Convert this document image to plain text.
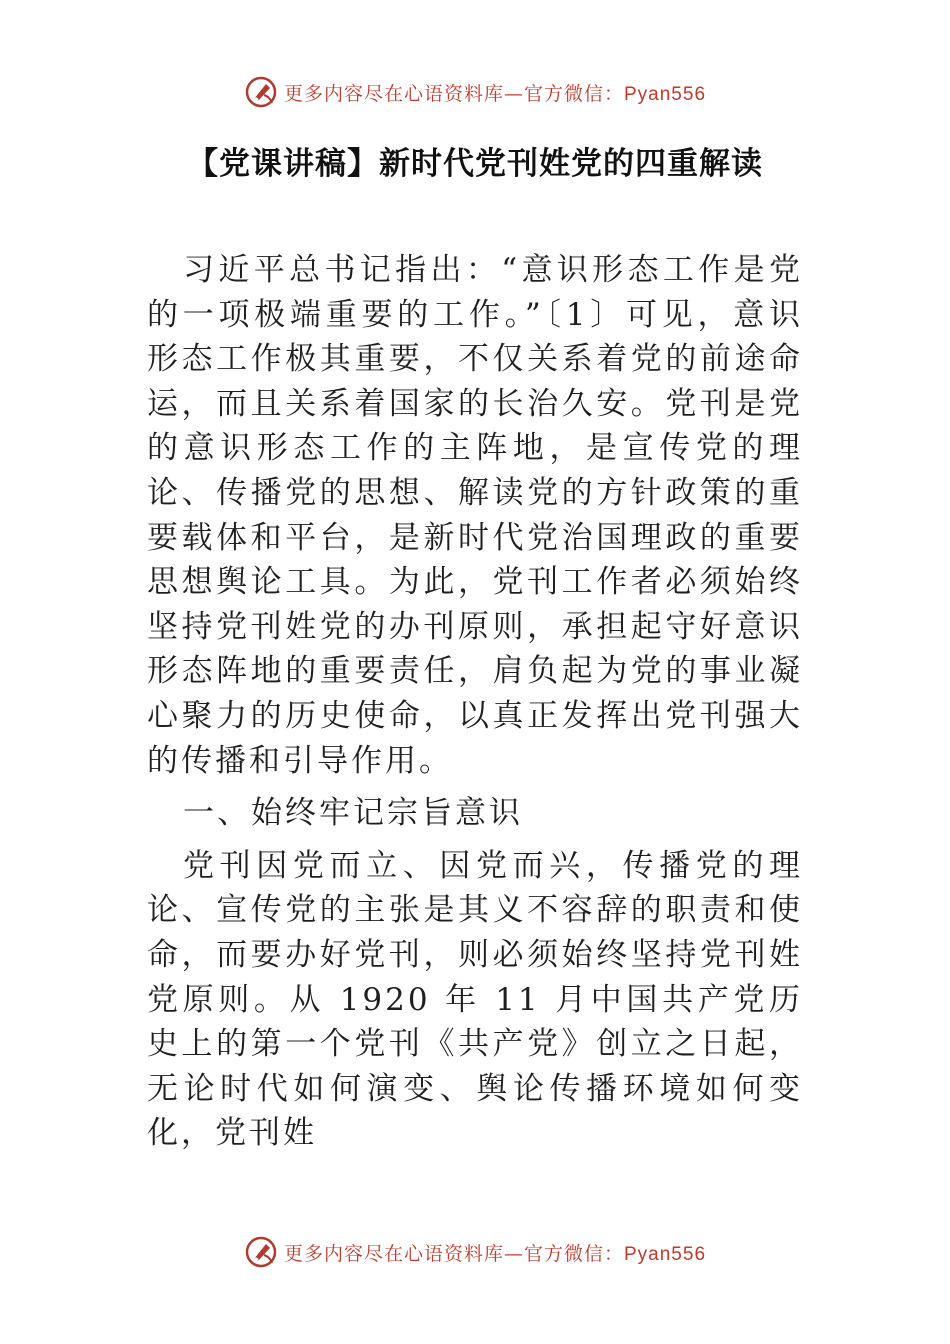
更多内容尽在心语资料库—官方微信：Pyan556
【党课讲稿】新时代党刊姓党的四重解读

习近平总书记指出：“意识形态工作是党的一项极端重要的工作。”〔1〕可见，意识形态工作极其重要，不仅关系着党的前途命运，而且关系着国家的长治久安。党刊是党的意识形态工作的主阵地，是宣传党的理论、传播党的思想、解读党的方针政策的重要载体和平台，是新时代党治国理政的重要思想舆论工具。为此，党刊工作者必须始终坚持党刊姓党的办刊原则，承担起守好意识形态阵地的重要责任，肩负起为党的事业凝心聚力的历史使命，以真正发挥出党刊强大的传播和引导作用。

一、始终牢记宗旨意识

党刊因党而立、因党而兴，传播党的理论、宣传党的主张是其义不容辞的职责和使命，而要办好党刊，则必须始终坚持党刊姓党原则。从 1920 年 11 月中国共产党历史上的第一个党刊《共产党》创立之日起，无论时代如何演变、舆论传播环境如何变化，党刊姓

更多内容尽在心语资料库—官方微信：Pyan556
